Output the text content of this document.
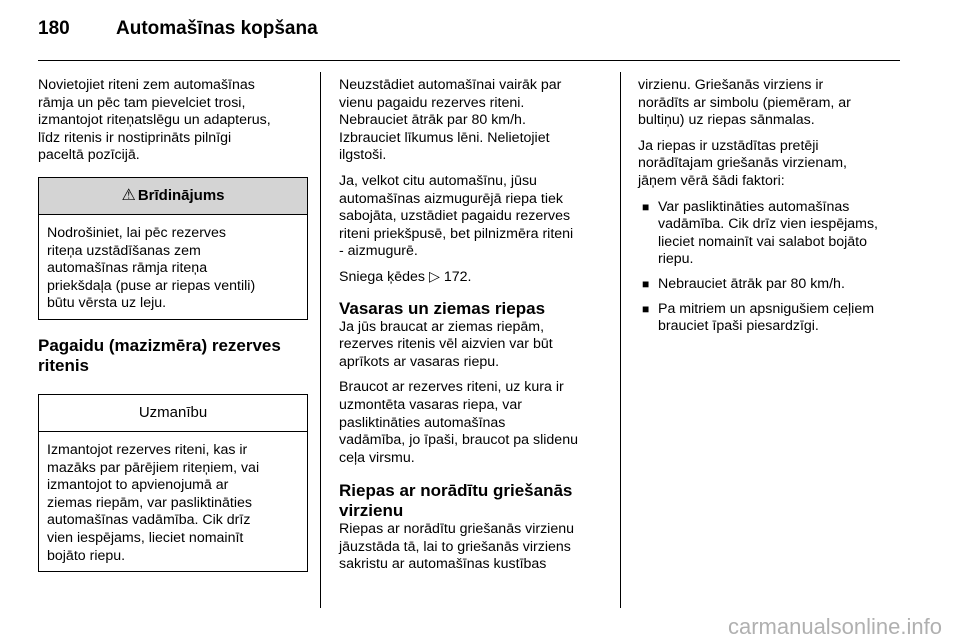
180 Automašīnas kopšana

Novietojiet riteni zem automašīnas
rāmja un pēc tam pievelciet trosi,
izmantojot riteņatslēgu un adapterus,
līdz ritenis ir nostiprināts pilnīgi
paceltā pozīcijā.

⚠ Brīdinājums
Nodrošiniet, lai pēc rezerves
riteņa uzstādīšanas zem
automašīnas rāmja riteņa
priekšdaļa (puse ar riepas ventili)
būtu vērsta uz leju.
Pagaidu (mazizmēra) rezerves
ritenis
Uzmanību
Izmantojot rezerves riteni, kas ir
mazāks par pārējiem riteņiem, vai
izmantojot to apvienojumā ar
ziemas riepām, var pasliktināties
automašīnas vadāmība. Cik drīz
vien iespējams, lieciet nomainīt
bojāto riepu.

Neuzstādiet automašīnai vairāk par
vienu pagaidu rezerves riteni.
Nebrauciet ātrāk par 80 km/h.
Izbrauciet līkumus lēni. Nelietojiet
ilgstoši.

Ja, velkot citu automašīnu, jūsu
automašīnas aizmugurējā riepa tiek
sabojāta, uzstādiet pagaidu rezerves
riteni priekšpusē, bet pilnizmēra riteni
- aizmugurē.

Sniega ķēdes ▷ 172.

Vasaras un ziemas riepas

Ja jūs braucat ar ziemas riepām,
rezerves ritenis vēl aizvien var būt
aprīkots ar vasaras riepu.

Braucot ar rezerves riteni, uz kura ir
uzmontēta vasaras riepa, var
pasliktināties automašīnas
vadāmība, jo īpaši, braucot pa slidenu
ceļa virsmu.

Riepas ar norādītu griešanās
virzienu

Riepas ar norādītu griešanās virzienu
jāuzstāda tā, lai to griešanās virziens
sakristu ar automašīnas kustības

virzienu. Griešanās virziens ir
norādīts ar simbolu (piemēram, ar
bultiņu) uz riepas sānmalas.

Ja riepas ir uzstādītas pretēji
norādītajam griešanās virzienam,
jāņem vērā šādi faktori:

■ Var pasliktināties automašīnas
vadāmība. Cik drīz vien iespējams,
lieciet nomainīt vai salabot bojāto
riepu.
■ Nebrauciet ātrāk par 80 km/h.
■ Pa mitriem un apsnigušiem ceļiem
brauciet īpaši piesardzīgi.
carmanualsonline.info
